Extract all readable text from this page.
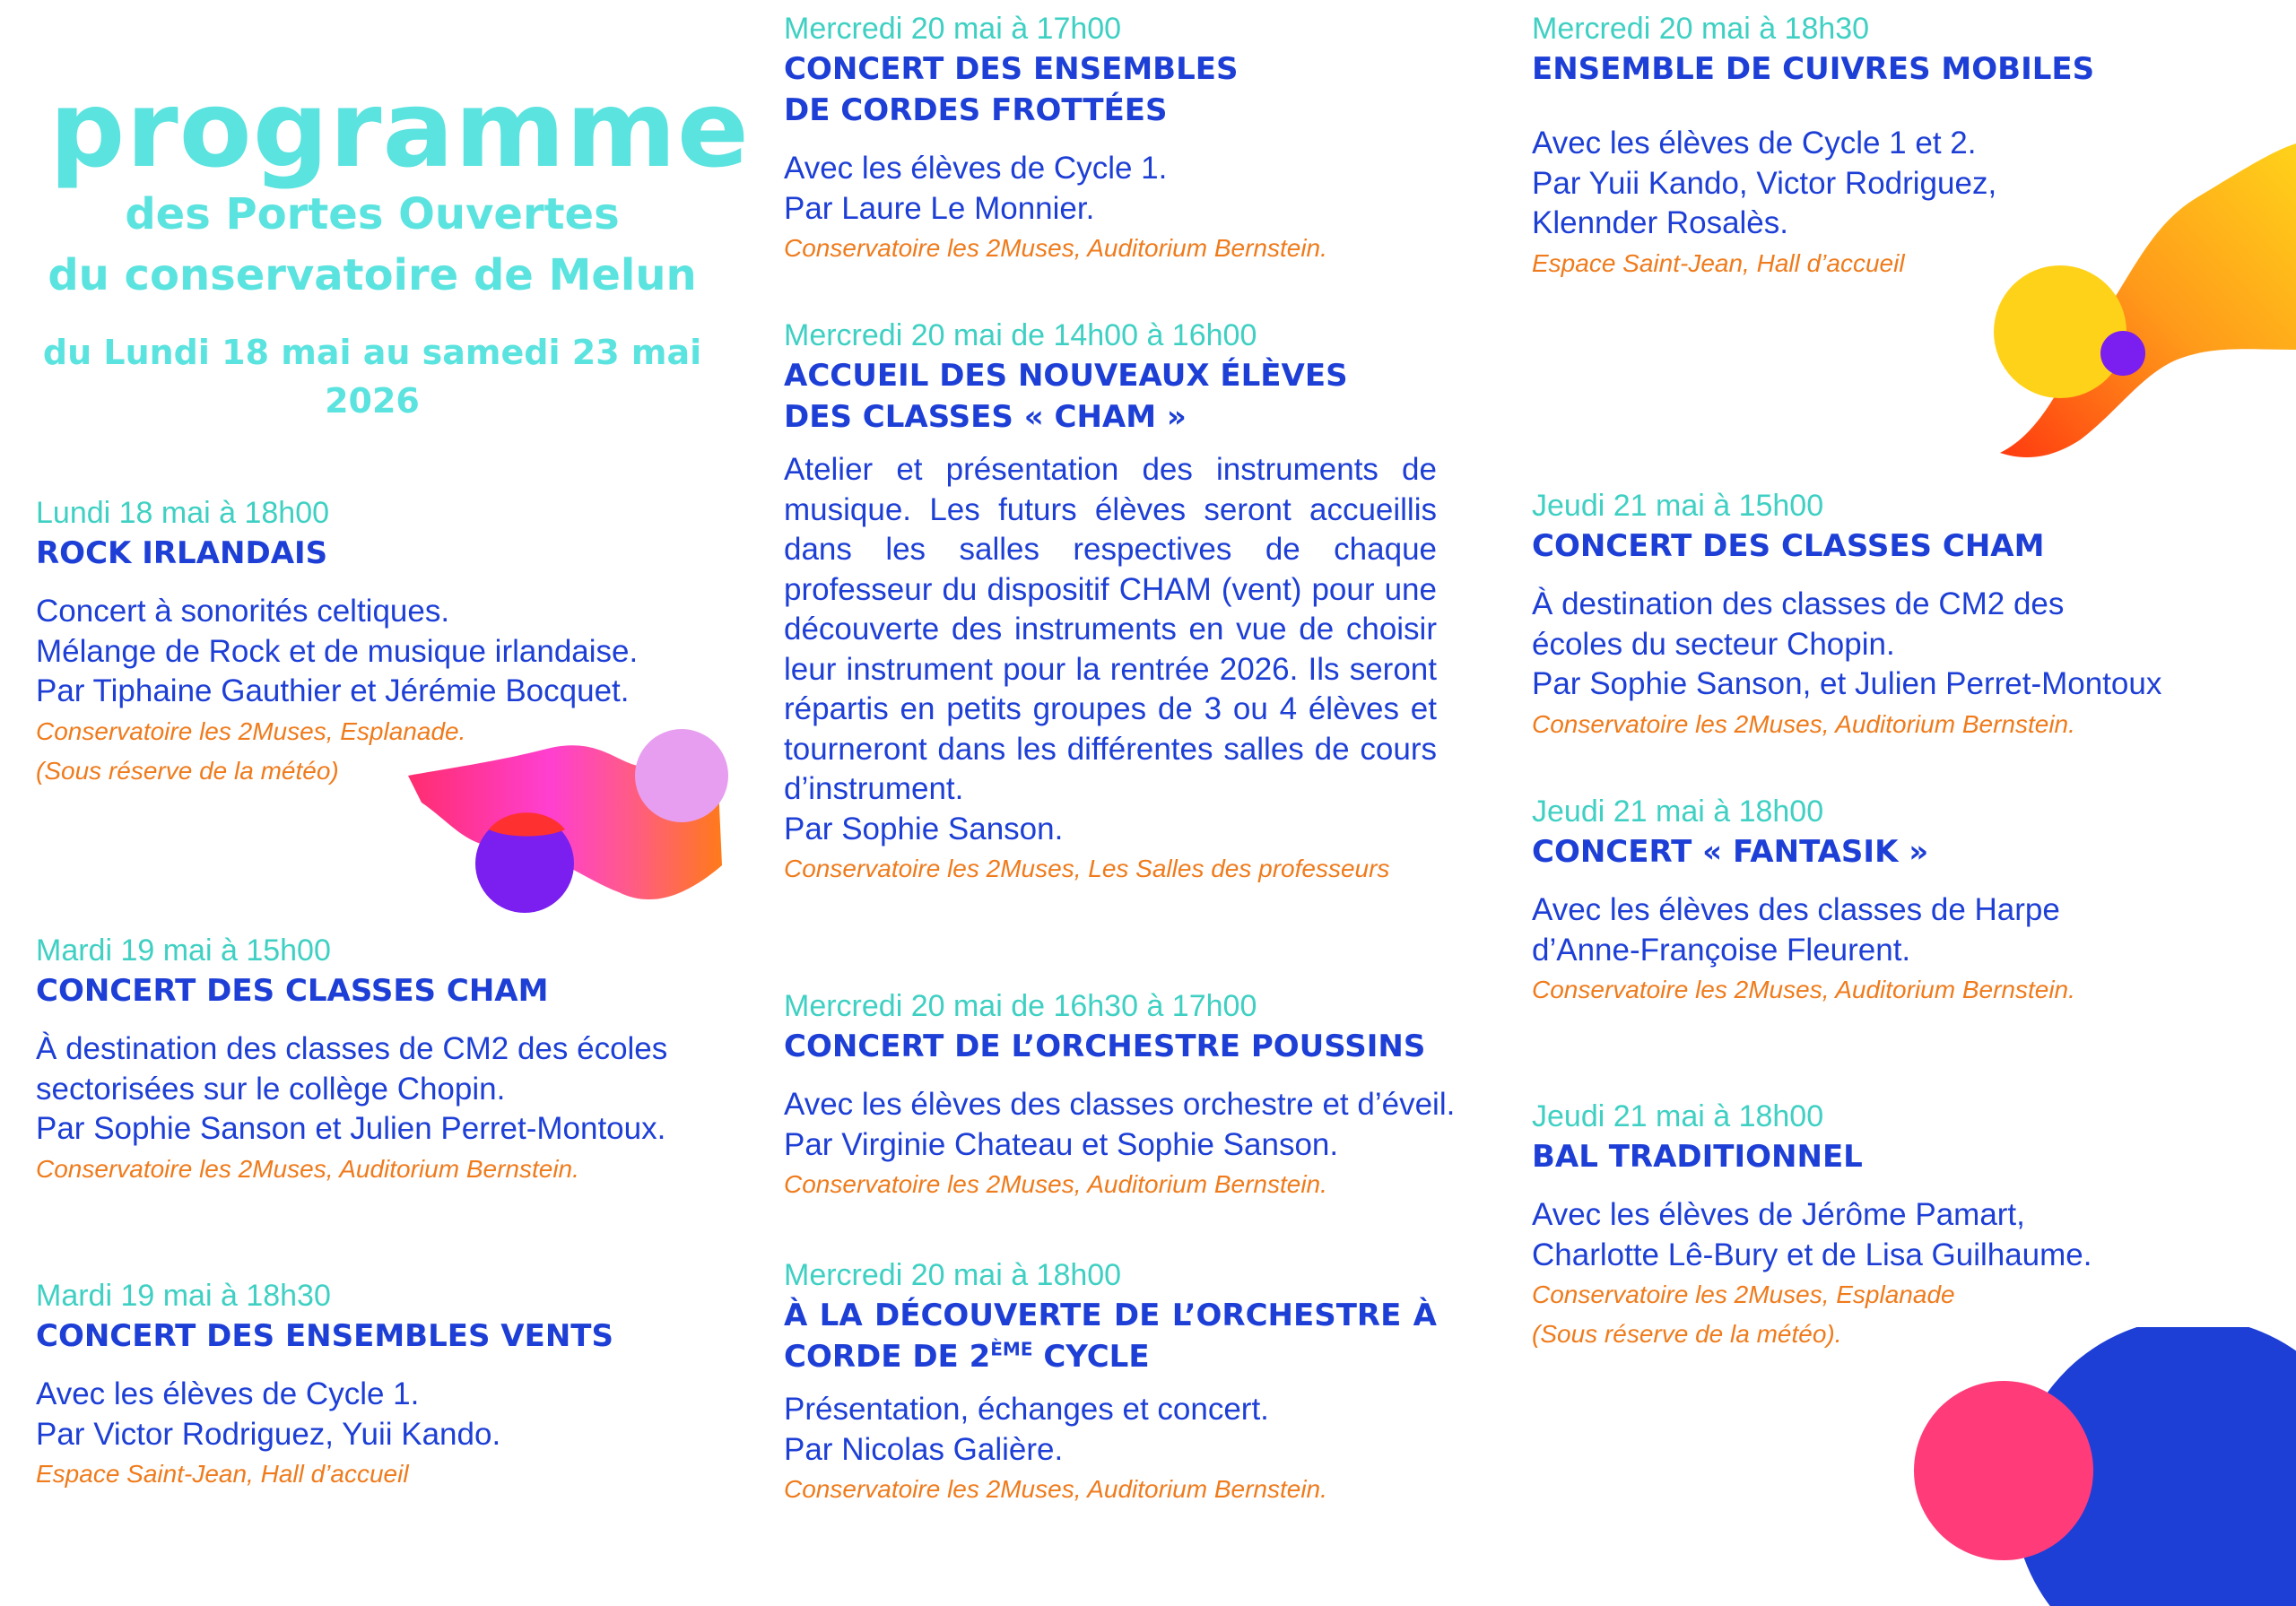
programme
des Portes Ouvertes
du conservatoire de Melun
du Lundi 18 mai au samedi 23 mai 2026
Lundi 18 mai à 18h00
ROCK IRLANDAIS
Concert à sonorités celtiques.
Mélange de Rock et de musique irlandaise.
Par Tiphaine Gauthier et Jérémie Bocquet.
Conservatoire les 2Muses, Esplanade.
(Sous réserve de la météo)
Mardi 19 mai à 15h00
CONCERT DES CLASSES CHAM
À destination des classes de CM2 des écoles
sectorisées sur le collège Chopin.
Par Sophie Sanson et Julien Perret-Montoux.
Conservatoire les 2Muses, Auditorium Bernstein.
Mardi 19 mai à 18h30
CONCERT DES ENSEMBLES VENTS
Avec les élèves de Cycle 1.
Par Victor Rodriguez, Yuii Kando.
Espace Saint-Jean, Hall d’accueil
Mercredi 20 mai à 17h00
CONCERT DES ENSEMBLES
DE CORDES FROTTÉES
Avec les élèves de Cycle 1.
Par Laure Le Monnier.
Conservatoire les 2Muses, Auditorium Bernstein.
Mercredi 20 mai de 14h00 à 16h00
ACCUEIL DES NOUVEAUX ÉLÈVES
DES CLASSES « CHAM »

Atelier et présentation des instruments de musique. Les futurs élèves seront accueillis dans les salles respectives de chaque professeur du dispositif CHAM (vent) pour une découverte des instruments en vue de choisir leur instrument pour la rentrée 2026. Ils seront répartis en petits groupes de 3 ou 4 élèves et tourneront dans les différentes salles de cours d’instrument.

Par Sophie Sanson.
Conservatoire les 2Muses, Les Salles des professeurs
Mercredi 20 mai de 16h30 à 17h00
CONCERT DE L’ORCHESTRE POUSSINS
Avec les élèves des classes orchestre et d’éveil.
Par Virginie Chateau et Sophie Sanson.
Conservatoire les 2Muses, Auditorium Bernstein.
Mercredi 20 mai à 18h00
À LA DÉCOUVERTE DE L’ORCHESTRE À
CORDE DE 2ÈME CYCLE
Présentation, échanges et concert.
Par Nicolas Galière.
Conservatoire les 2Muses, Auditorium Bernstein.
Mercredi 20 mai à 18h30
ENSEMBLE DE CUIVRES MOBILES
Avec les élèves de Cycle 1 et 2.
Par Yuii Kando, Victor Rodriguez,
Klennder Rosalès.
Espace Saint-Jean, Hall d’accueil
Jeudi 21 mai à 15h00
CONCERT DES CLASSES CHAM
À destination des classes de CM2 des
écoles du secteur Chopin.
Par Sophie Sanson, et Julien Perret-Montoux
Conservatoire les 2Muses, Auditorium Bernstein.
Jeudi 21 mai à 18h00
CONCERT « FANTASIK »
Avec les élèves des classes de Harpe
d’Anne-Françoise Fleurent.
Conservatoire les 2Muses, Auditorium Bernstein.
Jeudi 21 mai à 18h00
BAL TRADITIONNEL
Avec les élèves de Jérôme Pamart,
Charlotte Lê-Bury et de Lisa Guilhaume.
Conservatoire les 2Muses, Esplanade
(Sous réserve de la météo).
